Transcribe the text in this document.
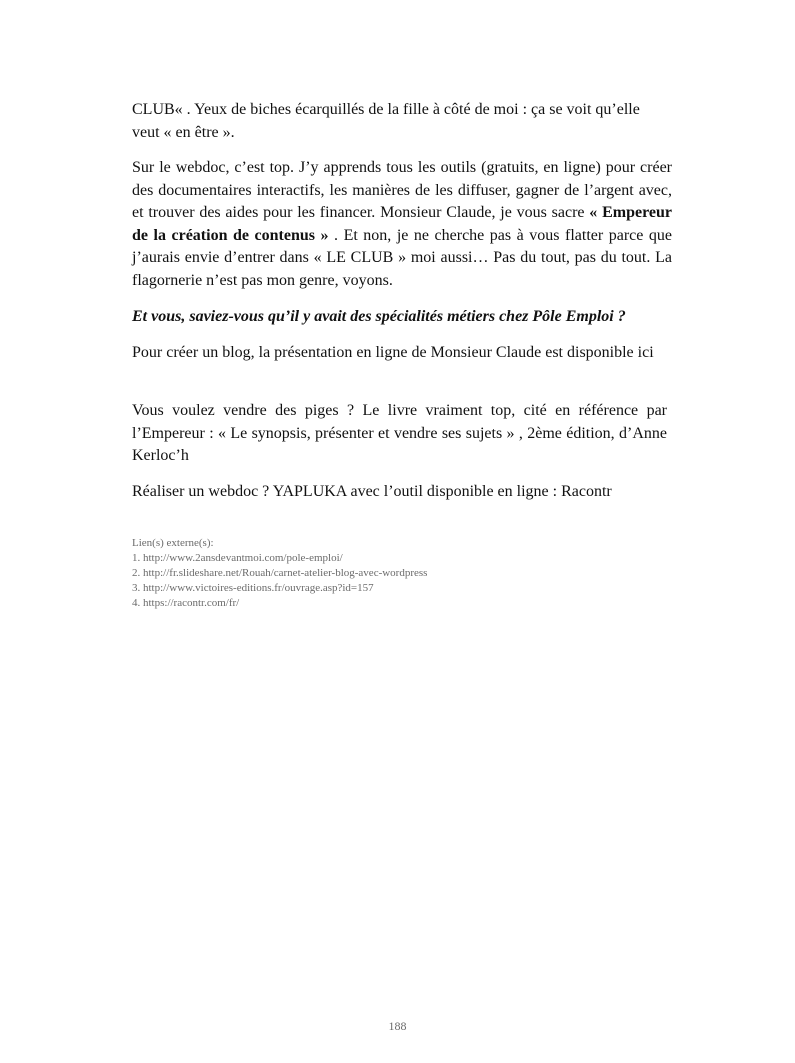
CLUB« . Yeux de biches écarquillés de la fille à côté de moi : ça se voit qu’elle

veut « en être ».

Sur le webdoc, c’est top. J’y apprends tous les outils (gratuits, en ligne) pour créer des documentaires interactifs, les manières de les diffuser, gagner de l’argent avec, et trouver des aides pour les financer. Monsieur Claude, je vous sacre « Empereur de la création de contenus » . Et non, je ne cherche pas à vous flatter parce que j’aurais envie d’entrer dans « LE CLUB » moi aussi… Pas du tout, pas du tout. La flagornerie n’est pas mon genre, voyons.
Et vous, saviez-vous qu’il y avait des spécialités métiers chez Pôle Emploi ?
Pour créer un blog, la présentation en ligne de Monsieur Claude est disponible ici
Vous voulez vendre des piges ? Le livre vraiment top, cité en référence par l’Empereur : « Le synopsis, présenter et vendre ses sujets » , 2ème édition, d’Anne Kerloc’h
Réaliser un webdoc ? YAPLUKA avec l’outil disponible en ligne : Racontr
Lien(s) externe(s):
1. http://www.2ansdevantmoi.com/pole-emploi/
2. http://fr.slideshare.net/Rouah/carnet-atelier-blog-avec-wordpress
3. http://www.victoires-editions.fr/ouvrage.asp?id=157
4. https://racontr.com/fr/
188
